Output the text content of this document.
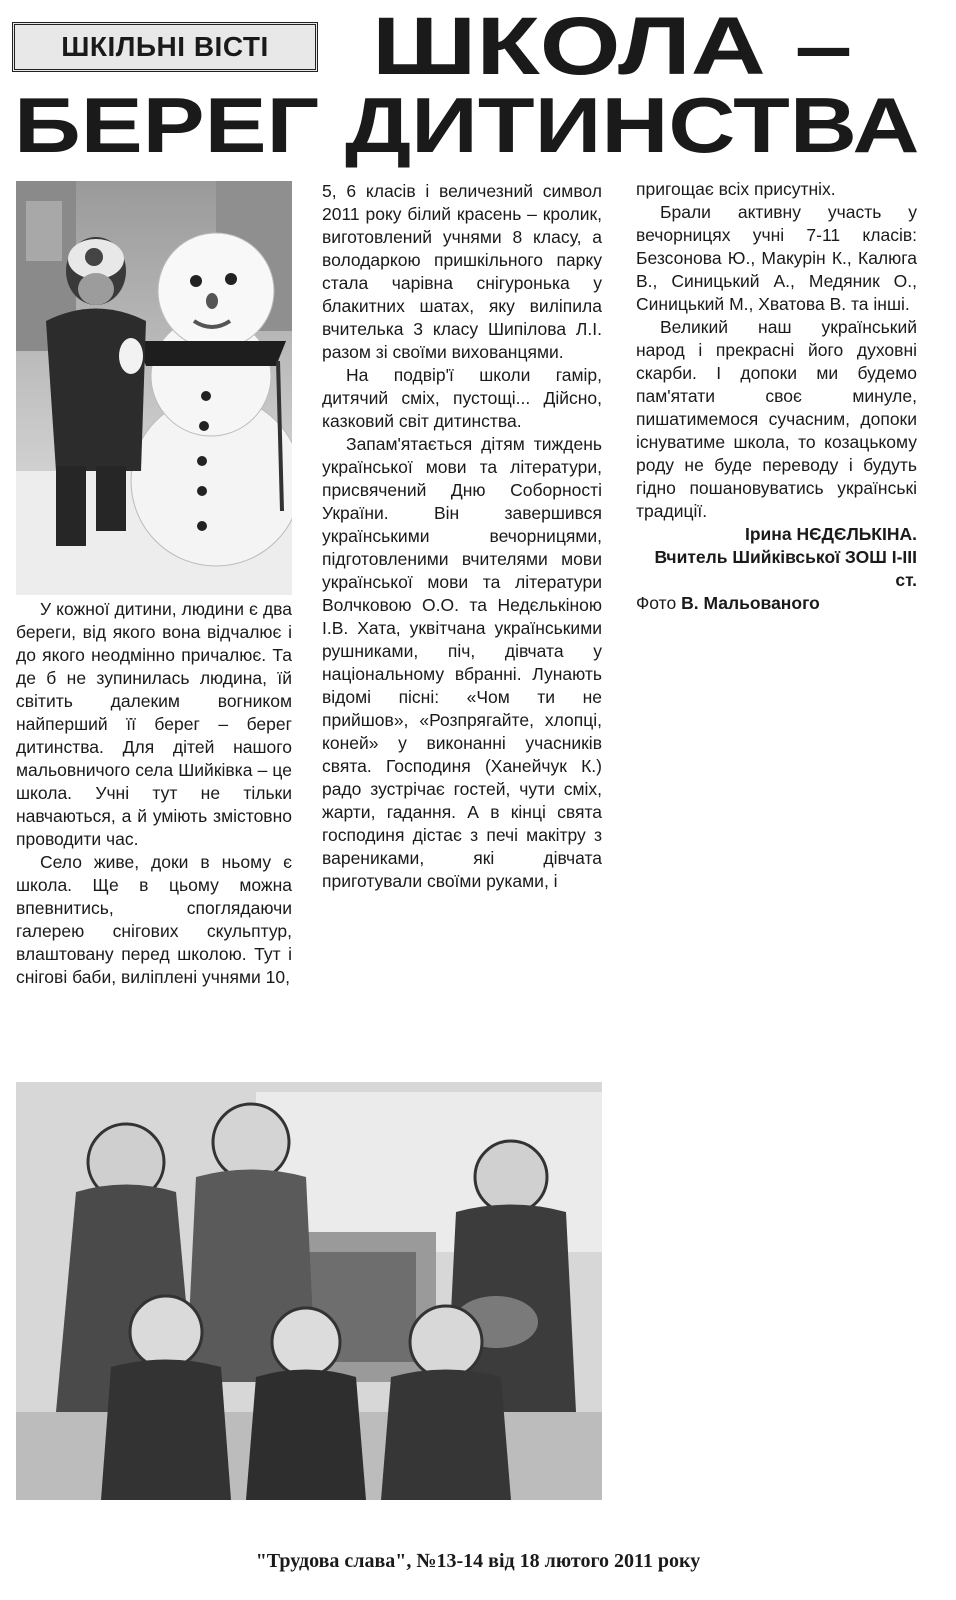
ШКІЛЬНІ ВІСТІ	ШКОЛА –
БЕРЕГ ДИТИНСТВА

У кожної дитини, людини є два береги, від якого вона відчалює і до якого неодмінно причалює. Та де б не зупинилась людина, їй світить далеким вогником найперший її берег – берег дитинства. Для дітей нашого мальовничого села Шийківка – це школа. Учні тут не тільки навчаються, а й уміють змістовно проводити час.

Село живе, доки в ньому є школа. Ще в цьому можна впевнитись, споглядаючи галерею снігових скульптур, влаштовану перед школою. Тут і снігові баби, виліплені учнями 10,

5, 6 класів і величезний символ 2011 року білий красень – кролик, виготовлений учнями 8 класу, а володаркою пришкільного парку стала чарівна снігуронька у блакитних шатах, яку виліпила вчителька 3 класу Шипілова Л.І. разом зі своїми вихованцями.

На подвір'ї школи гамір, дитячий сміх, пустощі... Дійсно, казковий світ дитинства.

Запам'ятається дітям тиждень української мови та літератури, присвячений Дню Соборності України. Він завершився українськими вечорницями, підготовленими вчителями мови української мови та літератури Волчковою О.О. та Недєлькіною І.В. Хата, уквітчана українськими рушниками, піч, дівчата у національному вбранні. Лунають відомі пісні: «Чом ти не прийшов», «Розпрягайте, хлопці, коней» у виконанні учасників свята. Господиня (Ханейчук К.) радо зустрічає гостей, чути сміх, жарти, гадання. А в кінці свята господиня дістає з печі макітру з варениками, які дівчата приготували своїми руками, і

пригощає всіх присутніх.

Брали активну участь у вечорницях учні 7-11 класів: Безсонова Ю., Макурін К., Калюга В., Синицький А., Медяник О., Синицький М., Хватова В. та інші.

Великий наш український народ і прекрасні його духовні скарби. І допоки ми будемо пам'ятати своє минуле, пишатимемося сучасним, допоки існуватиме школа, то козацькому роду не буде переводу і будуть гідно пошановуватись українські традиції.

Ірина НЄДЄЛЬКІНА.

Вчитель Шийківської ЗОШ І-ІІІ ст.

Фото В. Мальованого

"Трудова слава", №13-14 від 18 лютого 2011 року
